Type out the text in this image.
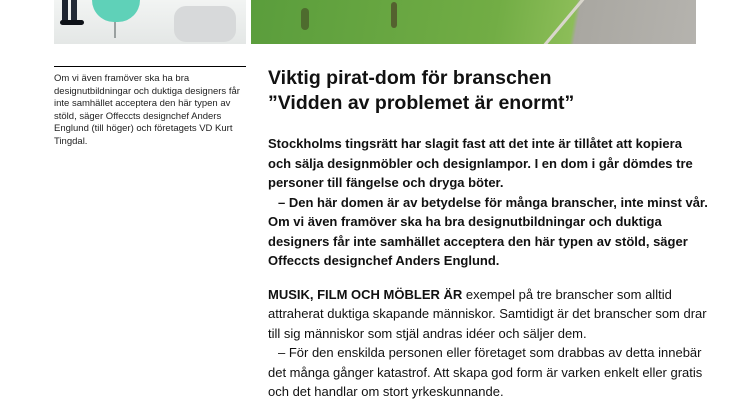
Om vi även framöver ska ha bra designutbildningar och duktiga designers får inte samhället acceptera den här typen av stöld, säger Offeccts designchef Anders Englund (till höger) och företagets VD Kurt Tingdal.

Viktig pirat-dom för branschen
”Vidden av problemet är enormt”

Stockholms tingsrätt har slagit fast att det inte är tillåtet att kopiera och sälja designmöbler och designlampor. I en dom i går dömdes tre personer till fängelse och dryga böter.

– Den här domen är av betydelse för många branscher, inte minst vår. Om vi även framöver ska ha bra designutbildningar och duktiga designers får inte samhället acceptera den här typen av stöld, säger Offeccts designchef Anders Englund.

MUSIK, FILM OCH MÖBLER ÄR exempel på tre branscher som alltid attraherat duktiga skapande människor. Samtidigt är det branscher som drar till sig människor som stjäl andras idéer och säljer dem.

– För den enskilda personen eller företaget som drabbas av detta innebär det många gånger katastrof. Att skapa god form är varken enkelt eller gratis och det handlar om stort yrkeskunnande.
